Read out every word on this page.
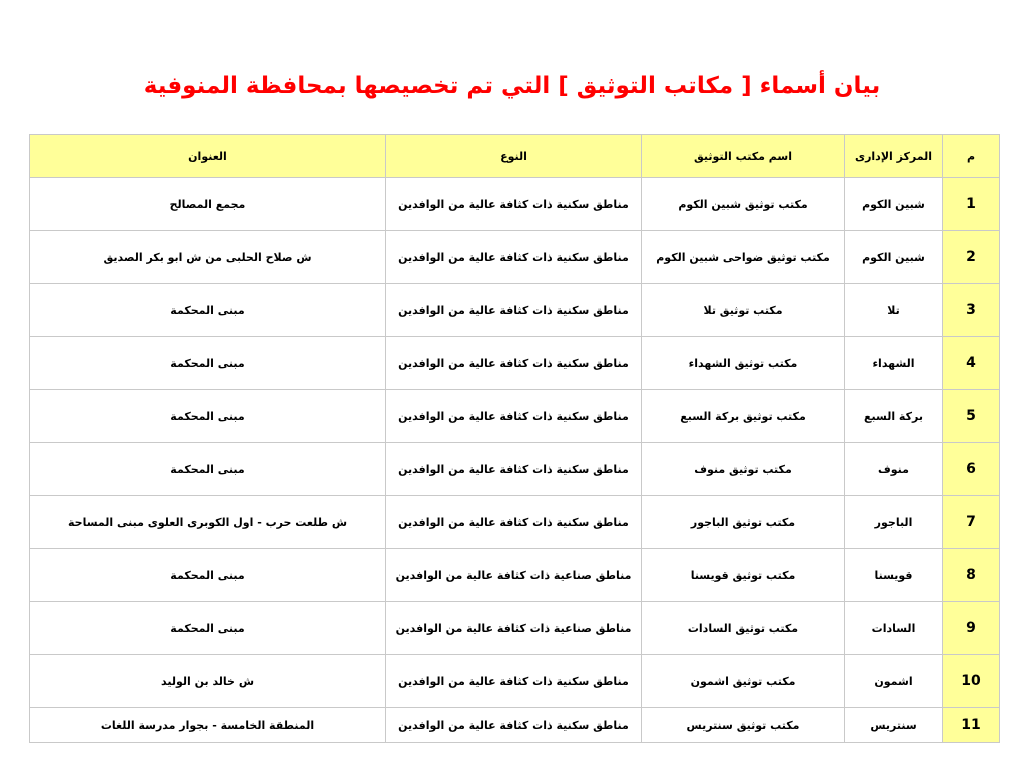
بيان أسماء [ مكاتب التوثيق ] التي تم تخصيصها بمحافظة المنوفية
م	المركز الإدارى	اسم مكتب التوثيق	النوع	العنوان
1	شبين الكوم	مكتب توثيق شبين الكوم	مناطق سكنية ذات كثافة عالية من الوافدين	مجمع المصالح
2	شبين الكوم	مكتب توثيق ضواحى شبين الكوم	مناطق سكنية ذات كثافة عالية من الوافدين	ش صلاح الحلبى من ش ابو بكر الصديق
3	تلا	مكتب توثيق تلا	مناطق سكنية ذات كثافة عالية من الوافدين	مبنى المحكمة
4	الشهداء	مكتب توثيق الشهداء	مناطق سكنية ذات كثافة عالية من الوافدين	مبنى المحكمة
5	بركة السبع	مكتب توثيق بركة السبع	مناطق سكنية ذات كثافة عالية من الوافدين	مبنى المحكمة
6	منوف	مكتب توثيق منوف	مناطق سكنية ذات كثافة عالية من الوافدين	مبنى المحكمة
7	الباجور	مكتب توثيق الباجور	مناطق سكنية ذات كثافة عالية من الوافدين	ش طلعت حرب - اول الكوبرى العلوى مبنى المساحة
8	قويسنا	مكتب توثيق قويسنا	مناطق صناعية ذات كثافة عالية من الوافدين	مبنى المحكمة
9	السادات	مكتب توثيق السادات	مناطق صناعية ذات كثافة عالية من الوافدين	مبنى المحكمة
10	اشمون	مكتب توثيق اشمون	مناطق سكنية ذات كثافة عالية من الوافدين	ش خالد بن الوليد
11	سنتريس	مكتب توثيق سنتريس	مناطق سكنية ذات كثافة عالية من الوافدين	المنطقة الخامسة - بجوار مدرسة اللغات
